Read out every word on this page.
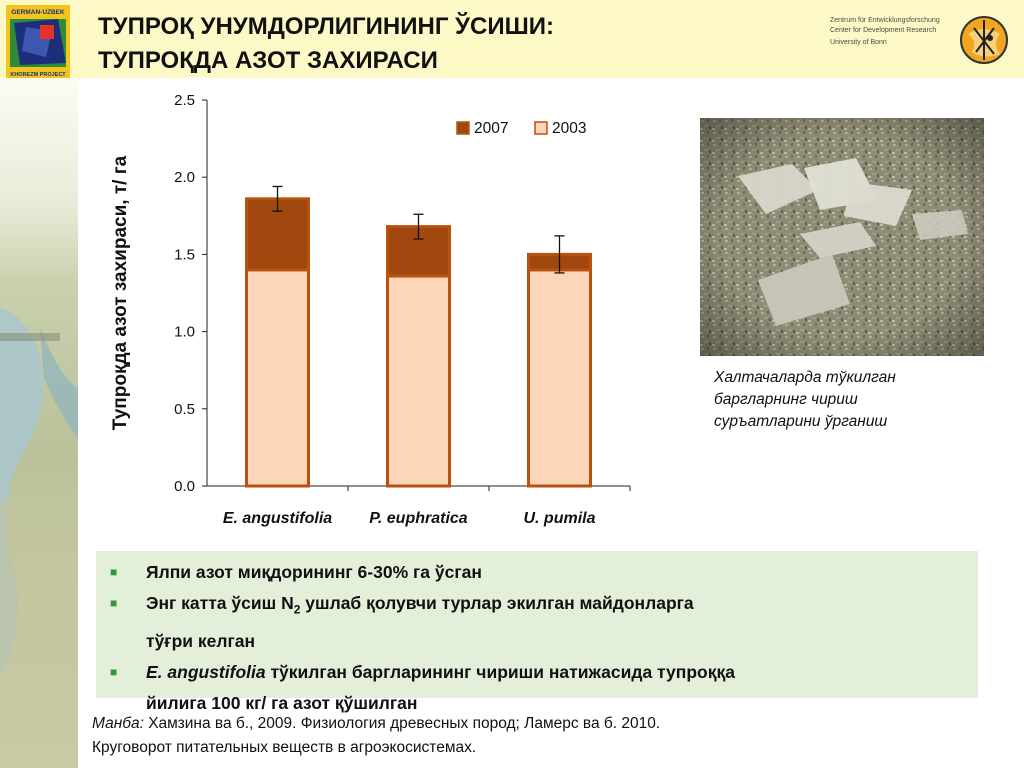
GERMAN-UZBEK
KHOREZM PROJECT
ТУПРОҚ УНУМДОРЛИГИНИНГ ЎСИШИ:
ТУПРОҚДА АЗОТ ЗАХИРАСИ
Zentrum für Entwicklungsforschung
Center for Development Research
University of Bonn
0.0
0.5
1.0
1.5
2.0
2.5
Тупроқда азот захираси, т/ га
E. angustifolia P. euphratica	U. pumila
2007	2003
Халтачаларда тўкилган
баргларнинг чириш
суръатларини ўрганиш
■ Ялпи азот миқдорининг 6-30% га ўсган
■ Энг катта ўсиш $N_2$ ушлаб қолувчи турлар экилган майдонларга
тўғри келган
■ E. angustifolia тўкилган баргларининг чириши натижасида тупроққа
йилига 100 кг/ га азот қўшилган
Манба: Хамзина ва б., 2009. Физиология древесных пород; Ламерс ва б. 2010.
Круговорот питательных веществ в агроэкосистемах.
